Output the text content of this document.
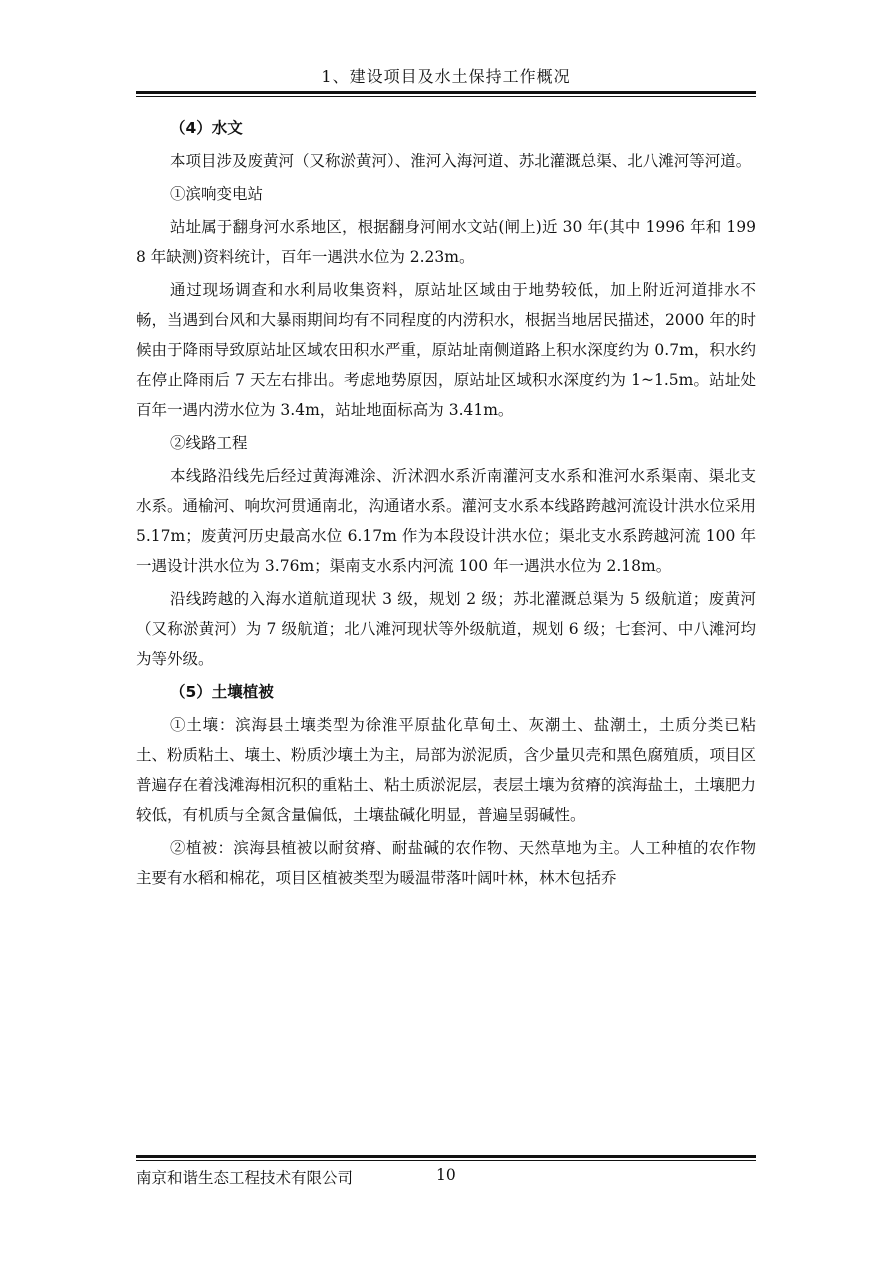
1、建设项目及水土保持工作概况

（4）水文

本项目涉及废黄河（又称淤黄河）、淮河入海河道、苏北灌溉总渠、北八滩河等河道。

①滨响变电站

站址属于翻身河水系地区，根据翻身河闸水文站(闸上)近 30 年(其中 1996 年和 1998 年缺测)资料统计，百年一遇洪水位为 2.23m。

通过现场调查和水利局收集资料，原站址区域由于地势较低，加上附近河道排水不畅，当遇到台风和大暴雨期间均有不同程度的内涝积水，根据当地居民描述，2000 年的时候由于降雨导致原站址区域农田积水严重，原站址南侧道路上积水深度约为 0.7m，积水约在停止降雨后 7 天左右排出。考虑地势原因，原站址区域积水深度约为 1~1.5m。站址处百年一遇内涝水位为 3.4m，站址地面标高为 3.41m。

②线路工程

本线路沿线先后经过黄海滩涂、沂沭泗水系沂南灌河支水系和淮河水系渠南、渠北支水系。通榆河、响坎河贯通南北，沟通诸水系。灌河支水系本线路跨越河流设计洪水位采用 5.17m；废黄河历史最高水位 6.17m 作为本段设计洪水位；渠北支水系跨越河流 100 年一遇设计洪水位为 3.76m；渠南支水系内河流 100 年一遇洪水位为 2.18m。

沿线跨越的入海水道航道现状 3 级，规划 2 级；苏北灌溉总渠为 5 级航道；废黄河（又称淤黄河）为 7 级航道；北八滩河现状等外级航道，规划 6 级；七套河、中八滩河均为等外级。

（5）土壤植被

①土壤：滨海县土壤类型为徐淮平原盐化草甸土、灰潮土、盐潮土，土质分类已粘土、粉质粘土、壤土、粉质沙壤土为主，局部为淤泥质，含少量贝壳和黑色腐殖质，项目区普遍存在着浅滩海相沉积的重粘土、粘土质淤泥层，表层土壤为贫瘠的滨海盐土，土壤肥力较低，有机质与全氮含量偏低，土壤盐碱化明显，普遍呈弱碱性。

②植被：滨海县植被以耐贫瘠、耐盐碱的农作物、天然草地为主。人工种植的农作物主要有水稻和棉花，项目区植被类型为暖温带落叶阔叶林，林木包括乔

南京和谐生态工程技术有限公司	10
